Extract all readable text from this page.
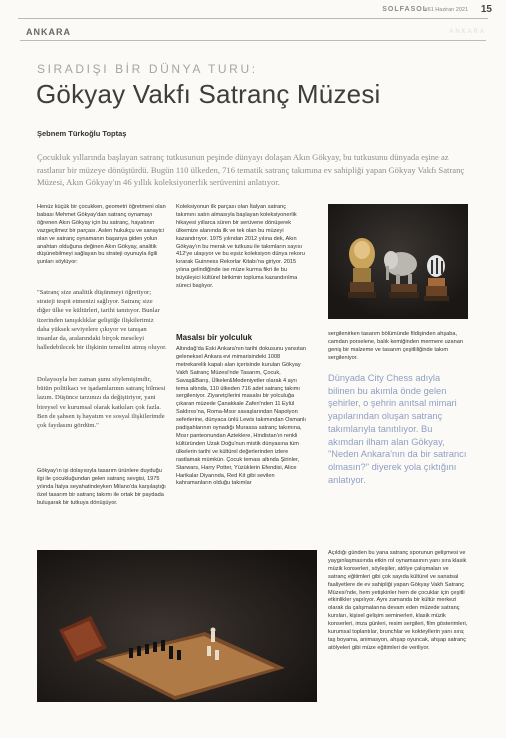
SOLFASOL
#61 Haziran 2021 15
ANKARA	ANKARA
SIRADIŞI BİR DÜNYA TURU:
Gökyay Vakfı Satranç Müzesi
Şebnem Türkoğlu Toptaş
Çocukluk yıllarında başlayan satranç tutkusunun peşinde dünyayı dolaşan Akın Gökyay, bu tutkusunu dünyada eşine az rastlanır bir müzeye dönüştürdü. Bugün 110 ülkeden, 716 tematik satranç takımına ev sahipliği yapan Gökyay Vakfı Satranç Müzesi, Akın Gökyay'ın 46 yıllık koleksiyonerlik serüvenini anlatıyor.
Henüz küçük bir çocukken, geometri öğretmeni olan babası Mehmet Gökyay'dan satranç oynamayı öğrenen Akın Gökyay için bu satranç, hayatının vazgeçilmez bir parçası. Aslen hukukçu ve sanayici olan ve satranç oynamanın başarıya giden yolun anahtarı olduğuna değinen Akın Gökyay, analitik düşünebilmeyi sağlayan bu strateji oyunuyla ilgili şunları söylüyor:
"Satranç size analitik düşünmeyi öğretiyor; strateji tespit etmenizi sağlıyor. Satranç size diğer ülke ve kültürleri, tarihi tanıtıyor. Bunlar üzerinden tanışıklıklar geliştiğe ilişkilerimiz daha yüksek seviyelere çıkıyor ve tanışan insanlar da, aralarındaki birçok meseleyi halledebilecek bir ilişkinin temelini atmış oluyor.
Dolayısıyla her zaman şunu söylemişimdir, bütün politikacı ve işadamlarının satranç bilmesi lazım. Düşünce tarzınızı da değiştiriyor, yani bireysel ve kurumsal olarak katkıları çok fazla. Ben de şahsen iş hayatım ve sosyal ilişkilerimde çok faydasını gördüm."
Gökyay'ın işi dolayısıyla tasarım ürünlere duyduğu ilgi ile çocukluğundan gelen satranç sevgisi, 1975 yılında İtalya seyahatindeyken Milano'da karşılaştığı özel tasarım bir satranç takımı ile ortak bir paydada buluşarak bir tutkuya dönüşüyor.
Koleksiyonun ilk parçası olan İtalyan satranç takımını satın almasıyla başlayan koleksiyonerlik hikayesi yıllarca süren bir serüvene dönüşerek ülkemize alanında ilk ve tek olan bu müzeyi kazandırıyor. 1975 yılından 2012 yılına dek, Akın Gökyay'ın bu merak ve tutkusu ile takımların sayısı 412'ye ulaşıyor ve bu eşsiz koleksiyon dünya rekoru kırarak Guinness Rekorlar Kitabı'na giriyor. 2015 yılına gelindiğinde ise müze kurma fikri ile bu büyüleyici kültürel birikimin topluma kazandırılma süreci başlıyor.
Masalsı bir yolculuk
Altındağ'da Eski Ankara'nın tarihi dokusunu yansıtan geleneksel Ankara evi mimarisindeki 1008 metrekarelik kapalı alan içerisinde kurulan Gökyay Vakfı Satranç Müzesi'nde Tasarım, Çocuk, Savaş&Barış, Ülkeler&Medeniyetler olarak 4 ayrı tema altında, 110 ülkeden 716 adet satranç takımı sergileniyor. Ziyaretçilerini masalsı bir yolculuğa çıkaran müzede Çanakkale Zaferi'nden 11 Eylül Saldırısı'na, Roma-Mısır savaşlarından Napolyon seferlerine, dünyaca ünlü Lewis takımından Osmanlı padişahlarının oynadığı Murassa satranç takımına, Mısır panteonundan Azteklere, Hindistan'ın renkli kültüründen Uzak Doğu'nun mistik dünyasına tüm ülkelerin tarihi ve kültürel değerlerinden izlere rastlamak mümkün. Çocuk teması altında Şirinler, Starwars, Harry Potter, Yüzüklerin Efendisi, Alice Harikalar Diyarında, Red Kit gibi sevilen kahramanların olduğu takımlar
sergilenirken tasarım bölümünde fildişinden ahşaba, camdan porselene, balık kemiğinden mermere uzanan geniş bir malzeme ve tasarım çeşitliliğinde takım sergileniyor.
Dünyada City Chess adıyla bilinen bu akımla önde gelen şehirler, o şehrin anıtsal mimari yapılarından oluşan satranç takımlarıyla tanıtılıyor. Bu akımdan ilham alan Gökyay, "Neden Ankara'nın da bir satrancı olmasın?" diyerek yola çıktığını anlatıyor.
Açıldığı günden bu yana satranç sporunun gelişmesi ve yaygınlaşmasında etkin rol oynamasının yanı sıra klasik müzik konserleri, söyleşiler, atölye çalışmaları ve satranç eğitimleri gibi çok sayıda kültürel ve sanatsal faaliyetlere de ev sahipliği yapan Gökyay Vakfı Satranç Müzesi'nde, hem yetişkinler hem de çocuklar için çeşitli etkinlikler yapılıyor. Aynı zamanda bir kültür merkezi olarak da çalışmalarına devam eden müzede satranç kursları, kişisel gelişim seminerleri, klasik müzik konserleri, imza günleri, resim sergileri, film gösterimleri, kurumsal toplantılar, brunchlar ve kokteyllerin yanı sıra; taş boyama, animasyon, ahşap oyuncak, ahşap satranç atölyeleri gibi müze eğitimleri de veriliyor.
